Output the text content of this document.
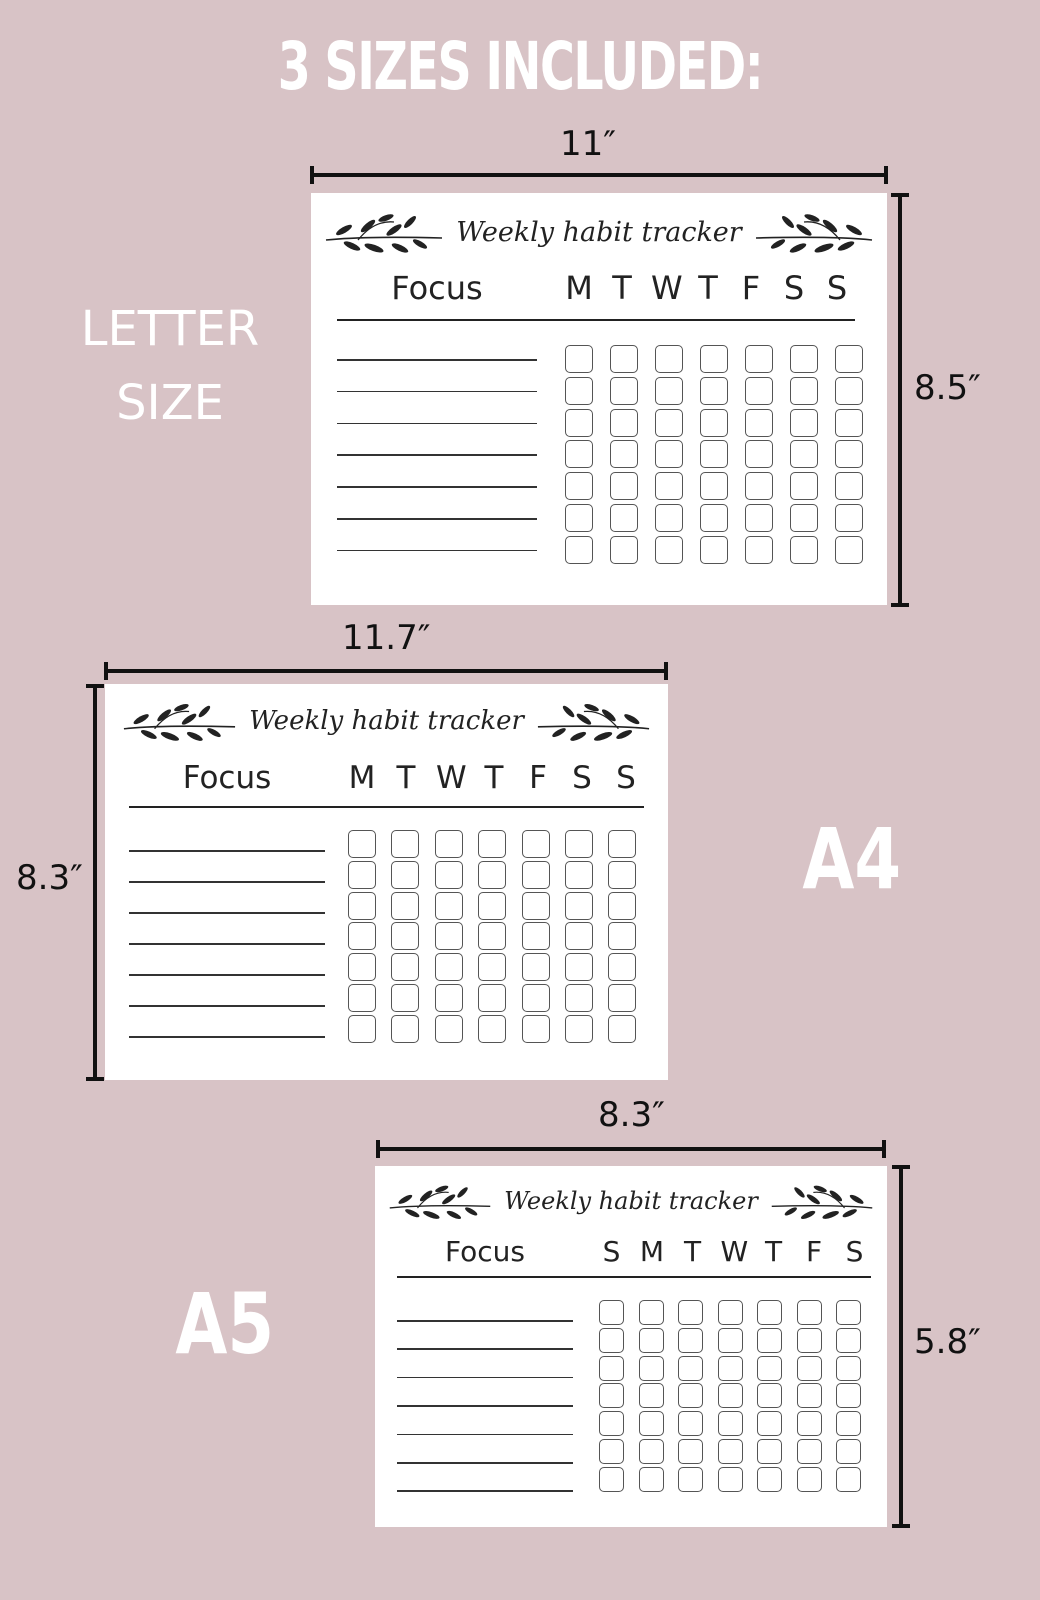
3 SIZES INCLUDED:
LETTER
SIZE
11″
8.5″
Weekly habit tracker
Focus	M T W T F S S
A4
11.7″
8.3″
Weekly habit tracker
Focus	M T W T F S S
A5
8.3″
5.8″
Weekly habit tracker
Focus	S M T W T F S
